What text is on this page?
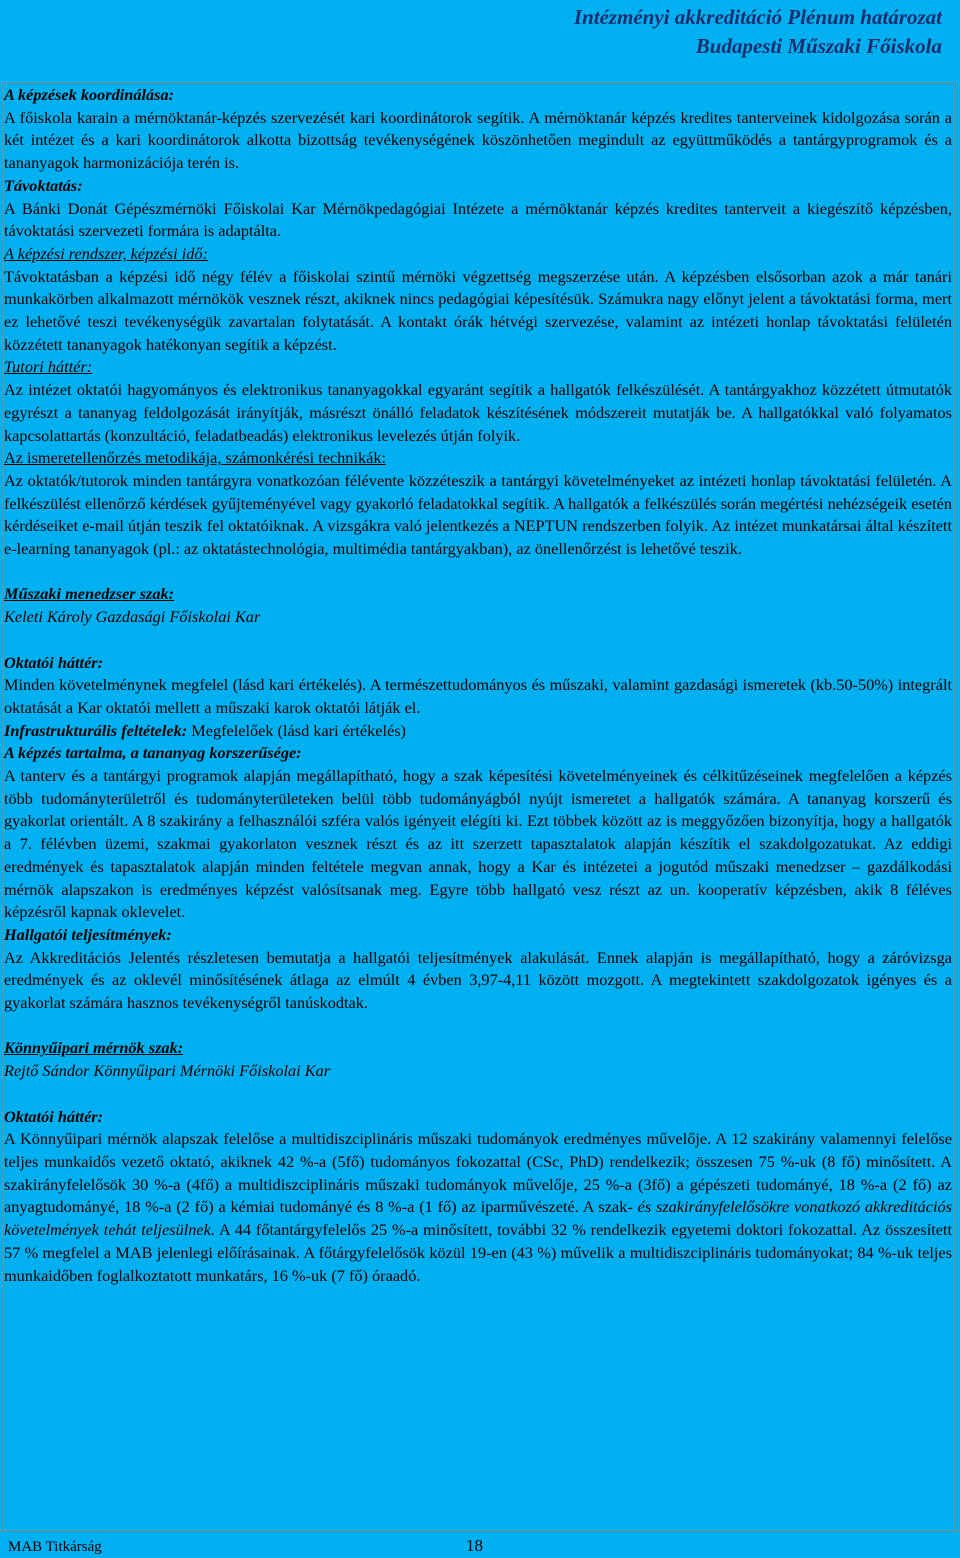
Intézményi akkreditáció Plénum határozat
Budapesti Műszaki Főiskola

A képzések koordinálása:

A főiskola karain a mérnöktanár-képzés szervezését kari koordinátorok segítik. A mérnöktanár képzés kredites tanterveinek kidolgozása során a két intézet és a kari koordinátorok alkotta bizottság tevékenységének köszönhetően megindult az együttműködés a tantárgyprogramok és a tananyagok harmonizációja terén is.

Távoktatás:

A Bánki Donát Gépészmérnöki Főiskolai Kar Mérnökpedagógiai Intézete a mérnöktanár képzés kredites tanterveit a kiegészítő képzésben, távoktatási szervezeti formára is adaptálta.

A képzési rendszer, képzési idő:

Távoktatásban a képzési idő négy félév a főiskolai szintű mérnöki végzettség megszerzése után. A képzésben elsősorban azok a már tanári munkakörben alkalmazott mérnökök vesznek részt, akiknek nincs pedagógiai képesítésük. Számukra nagy előnyt jelent a távoktatási forma, mert ez lehetővé teszi tevékenységük zavartalan folytatását. A kontakt órák hétvégi szervezése, valamint az intézeti honlap távoktatási felületén közzétett tananyagok hatékonyan segítik a képzést.

Tutori háttér:

Az intézet oktatói hagyományos és elektronikus tananyagokkal egyaránt segítik a hallgatók felkészülését. A tantárgyakhoz közzétett útmutatók egyrészt a tananyag feldolgozását irányítják, másrészt önálló feladatok készítésének módszereit mutatják be. A hallgatókkal való folyamatos kapcsolattartás (konzultáció, feladatbeadás) elektronikus levelezés útján folyik.

Az ismeretellenőrzés metodikája, számonkérési technikák:

Az oktatók/tutorok minden tantárgyra vonatkozóan félévente közzéteszik a tantárgyi követelményeket az intézeti honlap távoktatási felületén. A felkészülést ellenőrző kérdések gyűjteményével vagy gyakorló feladatokkal segítik. A hallgatók a felkészülés során megértési nehézségeik esetén kérdéseiket e-mail útján teszik fel oktatóiknak. A vizsgákra való jelentkezés a NEPTUN rendszerben folyik. Az intézet munkatársai által készített e-learning tananyagok (pl.: az oktatástechnológia, multimédia tantárgyakban), az önellenőrzést is lehetővé teszik.

Műszaki menedzser szak:

Keleti Károly Gazdasági Főiskolai Kar

Oktatói háttér:

Minden követelménynek megfelel (lásd kari értékelés). A természettudományos és műszaki, valamint gazdasági ismeretek (kb.50-50%) integrált oktatását a Kar oktatói mellett a műszaki karok oktatói látják el.

Infrastrukturális feltételek: Megfelelőek (lásd kari értékelés)

A képzés tartalma, a tananyag korszerűsége:

A tanterv és a tantárgyi programok alapján megállapítható, hogy a szak képesítési követelményeinek és célkitűzéseinek megfelelően a képzés több tudományterületről és tudományterületeken belül több tudományágból nyújt ismeretet a hallgatók számára. A tananyag korszerű és gyakorlat orientált. A 8 szakirány a felhasználói szféra valós igényeit elégíti ki. Ezt többek között az is meggyőzően bizonyítja, hogy a hallgatók a 7. félévben üzemi, szakmai gyakorlaton vesznek részt és az itt szerzett tapasztalatok alapján készítik el szakdolgozatukat. Az eddigi eredmények és tapasztalatok alapján minden feltétele megvan annak, hogy a Kar és intézetei a jogutód műszaki menedzser – gazdálkodási mérnök alapszakon is eredményes képzést valósítsanak meg. Egyre több hallgató vesz részt az un. kooperatív képzésben, akik 8 féléves képzésről kapnak oklevelet.

Hallgatói teljesítmények:

Az Akkreditációs Jelentés részletesen bemutatja a hallgatói teljesítmények alakulását. Ennek alapján is megállapítható, hogy a záróvizsga eredmények és az oklevél minősítésének átlaga az elmúlt 4 évben 3,97-4,11 között mozgott. A megtekintett szakdolgozatok igényes és a gyakorlat számára hasznos tevékenységről tanúskodtak.

Könnyűipari mérnök szak:

Rejtő Sándor Könnyűipari Mérnöki Főiskolai Kar

Oktatói háttér:

A Könnyűipari mérnök alapszak felelőse a multidiszciplináris műszaki tudományok eredményes művelője. A 12 szakirány valamennyi felelőse teljes munkaidős vezető oktató, akiknek 42 %-a (5fő) tudományos fokozattal (CSc, PhD) rendelkezik; összesen 75 %-uk (8 fő) minősített. A szakirányfelelősök 30 %-a (4fő) a multidiszciplináris műszaki tudományok művelője, 25 %-a (3fő) a gépészeti tudományé, 18 %-a (2 fő) az anyagtudományé, 18 %-a (2 fő) a kémiai tudományé és 8 %-a (1 fő) az iparművészeté. A szak- és szakirányfelelősökre vonatkozó akkreditációs követelmények tehát teljesülnek. A 44 főtantárgyfelelős 25 %-a minősített, további 32 % rendelkezik egyetemi doktori fokozattal. Az összesített 57 % megfelel a MAB jelenlegi előírásainak. A főtárgyfelelősök közül 19-en (43 %) művelik a multidiszciplináris tudományokat; 84 %-uk teljes munkaidőben foglalkoztatott munkatárs, 16 %-uk (7 fő) óraadó.

MAB Titkárság	18
